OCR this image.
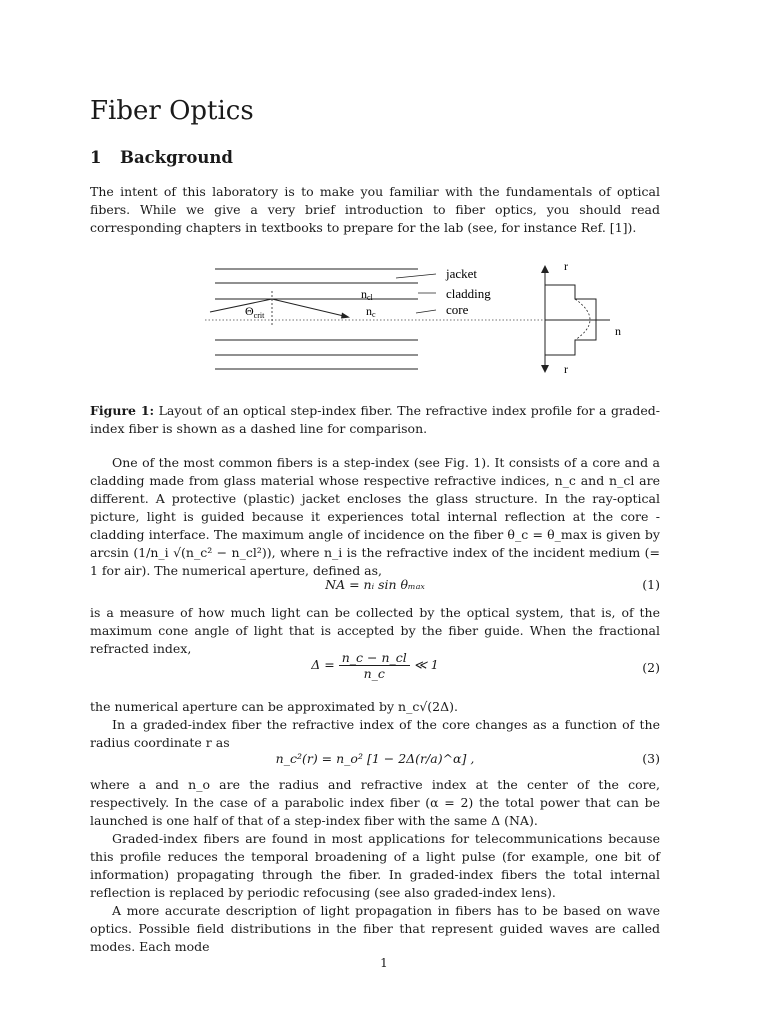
Fiber Optics
1 Background

The intent of this laboratory is to make you familiar with the fundamentals of optical fibers. While we give a very brief introduction to fiber optics, you should read corresponding chapters in textbooks to prepare for the lab (see, for instance Ref. [1]).

ncl
nc
$\Theta_{crit}$
jacket
cladding
core
r
r
n

Figure 1: Layout of an optical step-index fiber. The refractive index profile for a graded-index fiber is shown as a dashed line for comparison.

One of the most common fibers is a step-index (see Fig. 1). It consists of a core and a cladding made from glass material whose respective refractive indices, n_c and n_cl are different. A protective (plastic) jacket encloses the glass structure. In the ray-optical picture, light is guided because it experiences total internal reflection at the core - cladding interface. The maximum angle of incidence on the fiber θ_c = θ_max is given by arcsin (1/n_i √(n_c² − n_cl²)), where n_i is the refractive index of the incident medium (= 1 for air). The numerical aperture, defined as,

NA = nᵢ sin θₘₐₓ	(1)

is a measure of how much light can be collected by the optical system, that is, of the maximum cone angle of light that is accepted by the fiber guide. When the fractional refracted index,

$\Delta = \frac{n\_c - n\_cl}{n\_c}$ ≪ 1	(2)

the numerical aperture can be approximated by n_c√(2Δ).

In a graded-index fiber the refractive index of the core changes as a function of the radius coordinate r as

n_c²(r) = n_o² [1 − 2Δ(r/a)^α] ,	(3)

where a and n_o are the radius and refractive index at the center of the core, respectively. In the case of a parabolic index fiber (α = 2) the total power that can be launched is one half of that of a step-index fiber with the same Δ (NA).

Graded-index fibers are found in most applications for telecommunications because this profile reduces the temporal broadening of a light pulse (for example, one bit of information) propagating through the fiber. In graded-index fibers the total internal reflection is replaced by periodic refocusing (see also graded-index lens).

A more accurate description of light propagation in fibers has to be based on wave optics. Possible field distributions in the fiber that represent guided waves are called modes. Each mode

1
